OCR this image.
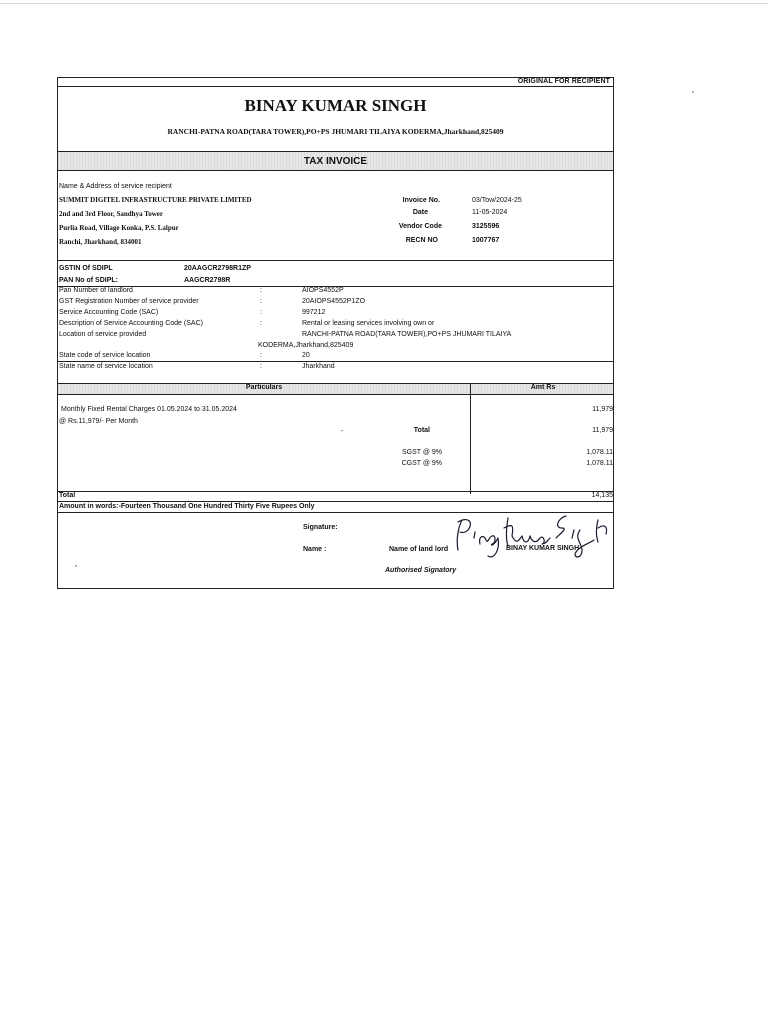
ORIGINAL FOR RECIPIENT
BINAY KUMAR SINGH
RANCHI-PATNA ROAD(TARA TOWER),PO+PS JHUMARI TILAIYA KODERMA,Jharkhand,825409
TAX INVOICE
Name & Address of service recipient
SUMMIT DIGITEL INFRASTRUCTURE PRIVATE LIMITED
2nd and 3rd Floor, Sandhya Tower
Purlia Road, Village Konka, P.S. Lalpur
Ranchi, Jharkhand, 834001
Invoice No.	03/Tow/2024-25
Date	11-05-2024
Vendor Code	3125596
RECN NO	1007767
GSTIN Of SDIPL	20AAGCR2798R1ZP
PAN No of SDIPL:	AAGCR2798R
Pan Number of landlord	:	AIOPS4552P
GST Registration Number of service provider	:	20AIOPS4552P1ZO
Service Accounting Code (SAC)	:	997212
Description of Service Accounting Code (SAC)	:	Rental or leasing services involving own or
Location of service provided	RANCHI-PATNA ROAD(TARA TOWER),PO+PS JHUMARI TILAIYA
KODERMA,Jharkhand,825409
State code of service location	:	20
State name of service location	:	Jharkhand
Particulars	Amt Rs
Monthly Fixed Rental Charges 01.05.2024 to 31.05.2024
@ Rs.11,979/- Per Month
11,979
-	Total	11,979
SGST @ 9%	1,078.11
CGST @ 9%	1,078.11
Total	14,135
Amount in words:-Fourteen Thousand One Hundred Thirty Five Rupees Only
Signature:
Name :	Name of land lord	BINAY KUMAR SINGH
Authorised Signatory
